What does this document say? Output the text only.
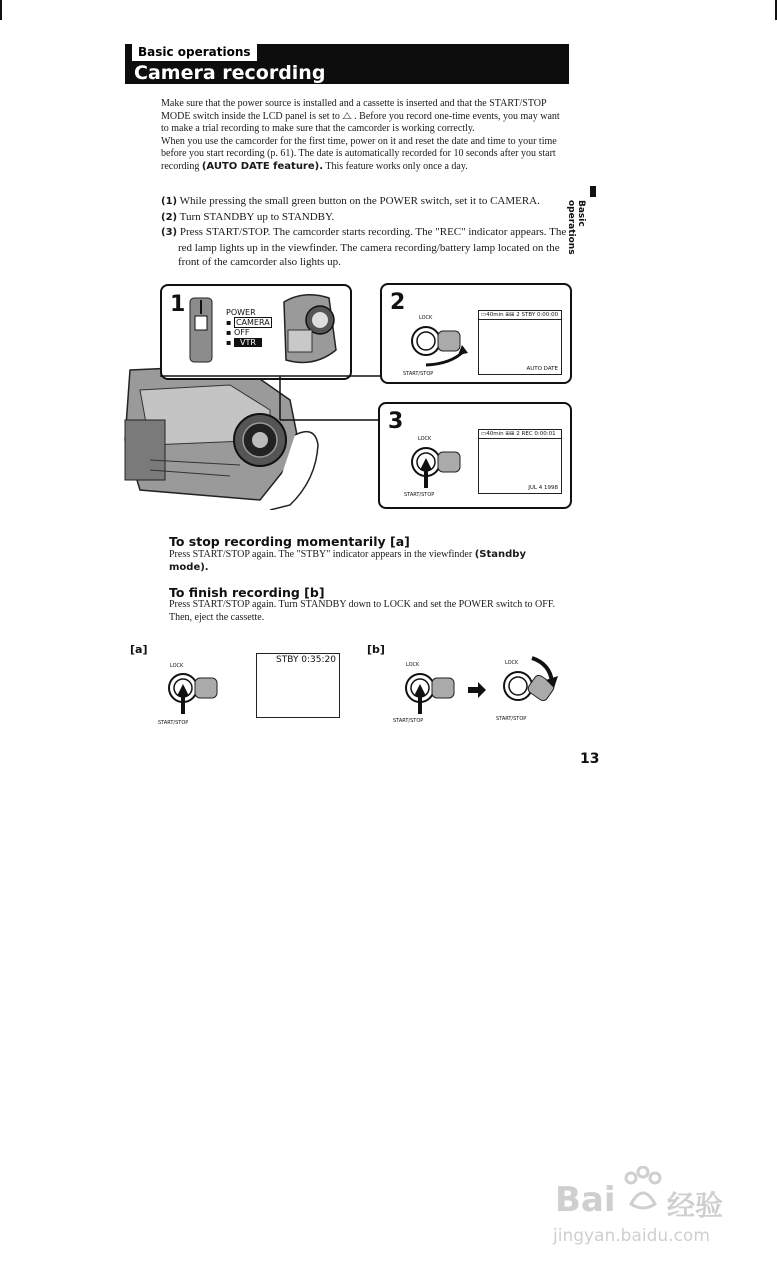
Basic operations
Camera recording
Make sure that the power source is installed and a cassette is inserted and that the START/STOP MODE switch inside the LCD panel is set to ⧍ . Before you record one-time events, you may want to make a trial recording to make sure that the camcorder is working correctly.
When you use the camcorder for the first time, power on it and reset the date and time to your time before you start recording (p. 61). The date is automatically recorded for 10 seconds after you start recording (AUTO DATE feature). This feature works only once a day.
(1) While pressing the small green button on the POWER switch, set it to CAMERA.
(2) Turn STANDBY up to STANDBY.
(3) Press START/STOP. The camcorder starts recording. The "REC" indicator appears. The red lamp lights up in the viewfinder. The camera recording/battery lamp located on the front of the camcorder also lights up.
Basic operations
1	POWER
▪ CAMERA
▪ OFF
▪ VTR
2
LOCK
START/STOP
▭40min ⊞⊞ 2 STBY 0:00:00
AUTO DATE
3
LOCK
START/STOP
▭40min ⊞⊞ 2 REC 0:00:01
JUL 4 1998
To stop recording momentarily [a]
Press START/STOP again. The "STBY" indicator appears in the viewfinder (Standby mode).
To finish recording [b]
Press START/STOP again. Turn STANDBY down to LOCK and set the POWER switch to OFF. Then, eject the cassette.
[a]	[b]
LOCK
START/STOP
STBY 0:35:20	LOCK
START/STOP
LOCK
START/STOP
13
Bai 经验
jingyan.baidu.com
